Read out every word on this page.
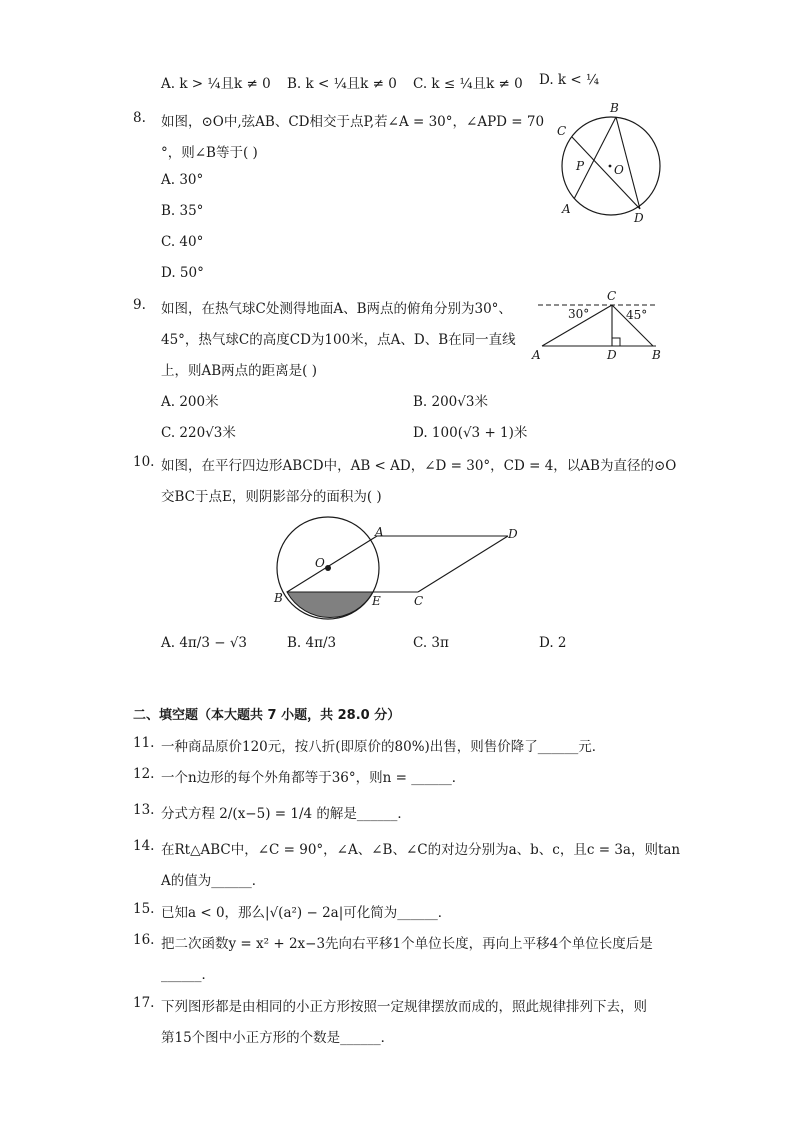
A. k > ¼且k ≠ 0 B. k < ¼且k ≠ 0 C. k ≤ ¼且k ≠ 0 D. k < ¼
8. 如图，⊙O中,弦AB、CD相交于点P,若∠A = 30°，∠APD = 70
°，则∠B等于( )
A. 30°
B. 35°
C. 40°
D. 50°
B
C
P O
A
D
9. 如图，在热气球C处测得地面A、B两点的俯角分别为30°、
45°，热气球C的高度CD为100米，点A、D、B在同一直线
上，则AB两点的距离是( )
A. 200米	B. 200√3米
C. 220√3米	D. 100(√3 + 1)米
C
30°	45°
A	D	B
10. 如图，在平行四边形ABCD中，AB < AD，∠D = 30°，CD = 4，以AB为直径的⊙O
交BC于点E，则阴影部分的面积为( )
O
A	D
B	E	C
A. 4π/3 − √3	B. 4π/3	C. 3π	D. 2
二、填空题（本大题共 7 小题，共 28.0 分）
11. 一种商品原价120元，按八折(即原价的80%)出售，则售价降了______元．
12. 一个n边形的每个外角都等于36°，则n = ______．
13. 分式方程 2/(x−5) = 1/4 的解是______．
14. 在Rt△ABC中，∠C = 90°，∠A、∠B、∠C的对边分别为a、b、c，且c = 3a，则tan
A的值为______．
15. 已知a < 0，那么|√(a²) − 2a|可化简为______．
16. 把二次函数y = x² + 2x−3先向右平移1个单位长度，再向上平移4个单位长度后是
______．
17. 下列图形都是由相同的小正方形按照一定规律摆放而成的，照此规律排列下去，则
第15个图中小正方形的个数是______．
